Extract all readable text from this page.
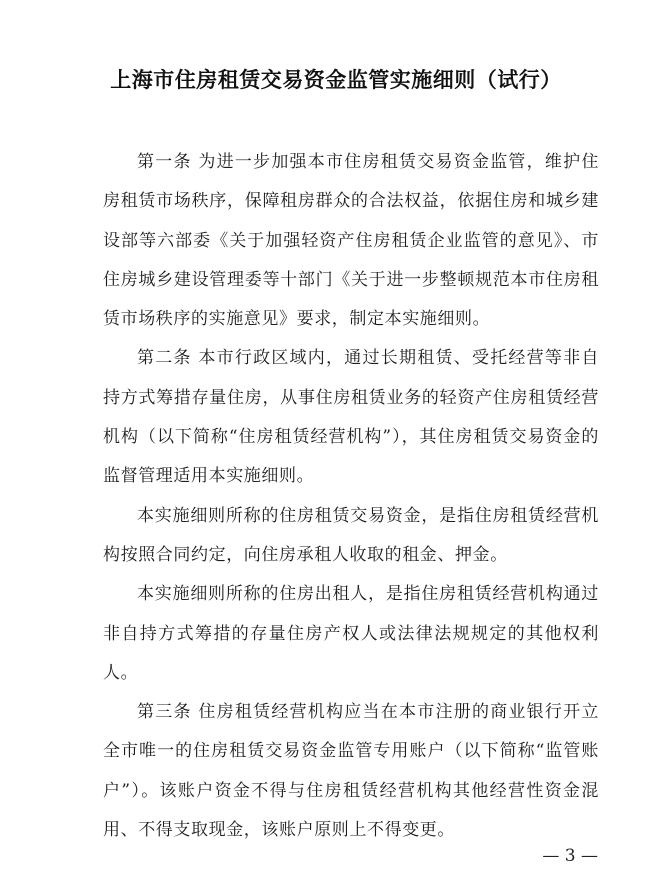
上海市住房租赁交易资金监管实施细则（试行）

第一条 为进一步加强本市住房租赁交易资金监管，维护住房租赁市场秩序，保障租房群众的合法权益，依据住房和城乡建设部等六部委《关于加强轻资产住房租赁企业监管的意见》、市住房城乡建设管理委等十部门《关于进一步整顿规范本市住房租赁市场秩序的实施意见》要求，制定本实施细则。

第二条 本市行政区域内，通过长期租赁、受托经营等非自持方式筹措存量住房，从事住房租赁业务的轻资产住房租赁经营机构（以下简称“住房租赁经营机构”），其住房租赁交易资金的监督管理适用本实施细则。

本实施细则所称的住房租赁交易资金，是指住房租赁经营机构按照合同约定，向住房承租人收取的租金、押金。

本实施细则所称的住房出租人，是指住房租赁经营机构通过非自持方式筹措的存量住房产权人或法律法规规定的其他权利人。

第三条 住房租赁经营机构应当在本市注册的商业银行开立全市唯一的住房租赁交易资金监管专用账户（以下简称“监管账户”）。该账户资金不得与住房租赁经营机构其他经营性资金混用、不得支取现金，该账户原则上不得变更。

— 3 —
